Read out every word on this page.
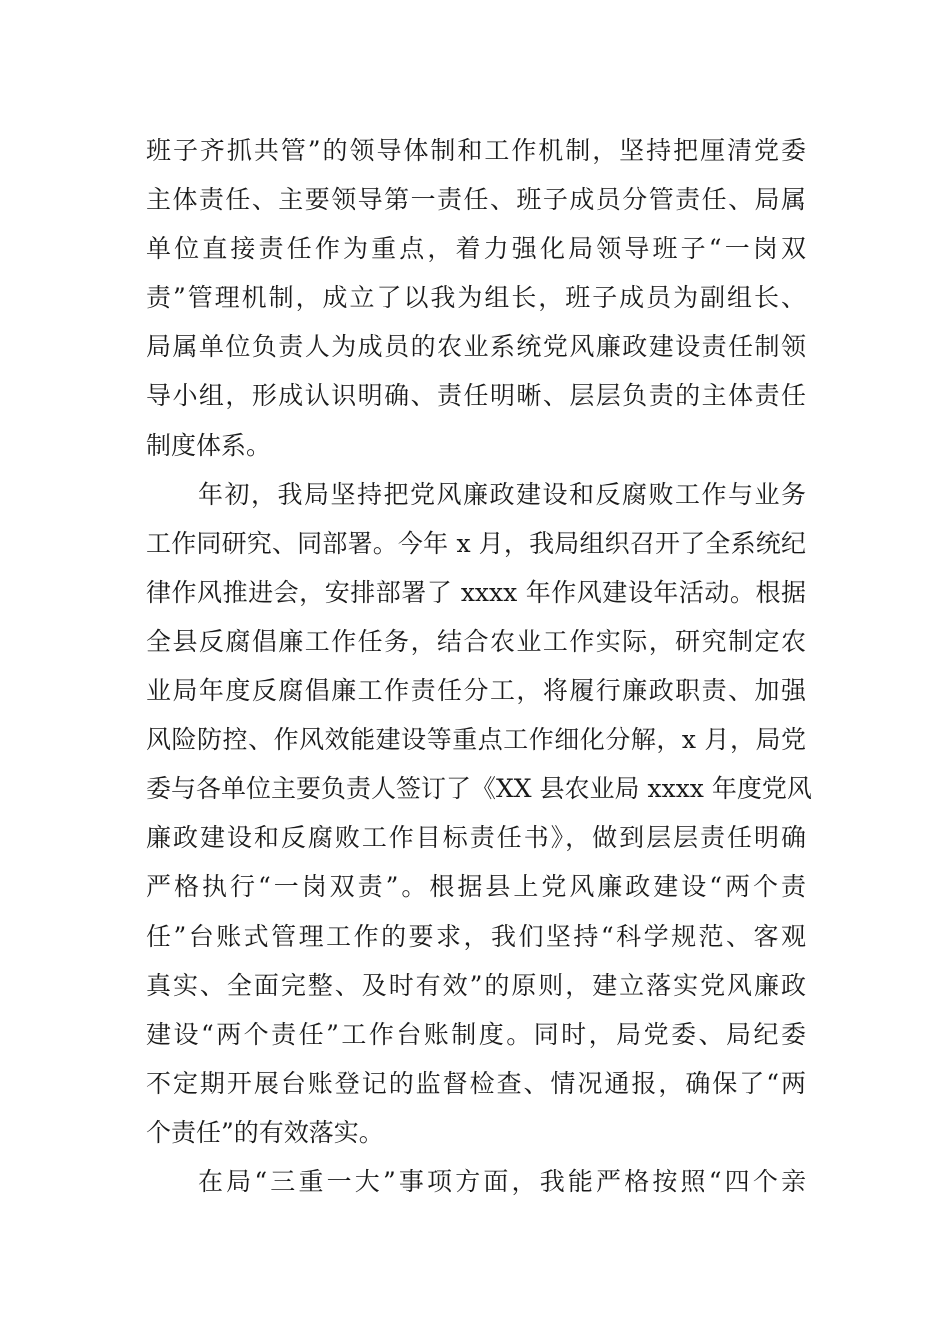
班子齐抓共管”的领导体制和工作机制，坚持把厘清党委
主体责任、主要领导第一责任、班子成员分管责任、局属
单位直接责任作为重点，着力强化局领导班子“一岗双
责”管理机制，成立了以我为组长，班子成员为副组长、
局属单位负责人为成员的农业系统党风廉政建设责任制领
导小组，形成认识明确、责任明晰、层层负责的主体责任
制度体系。
年初，我局坚持把党风廉政建设和反腐败工作与业务
工作同研究、同部署。今年 x 月，我局组织召开了全系统纪
律作风推进会，安排部署了 xxxx 年作风建设年活动。根据
全县反腐倡廉工作任务，结合农业工作实际，研究制定农
业局年度反腐倡廉工作责任分工，将履行廉政职责、加强
风险防控、作风效能建设等重点工作细化分解，x 月，局党
委与各单位主要负责人签订了《XX 县农业局 xxxx 年度党风
廉政建设和反腐败工作目标责任书》，做到层层责任明确
严格执行“一岗双责”。根据县上党风廉政建设“两个责
任”台账式管理工作的要求，我们坚持“科学规范、客观
真实、全面完整、及时有效”的原则，建立落实党风廉政
建设“两个责任”工作台账制度。同时，局党委、局纪委
不定期开展台账登记的监督检查、情况通报，确保了“两
个责任”的有效落实。
在局“三重一大”事项方面，我能严格按照“四个亲
